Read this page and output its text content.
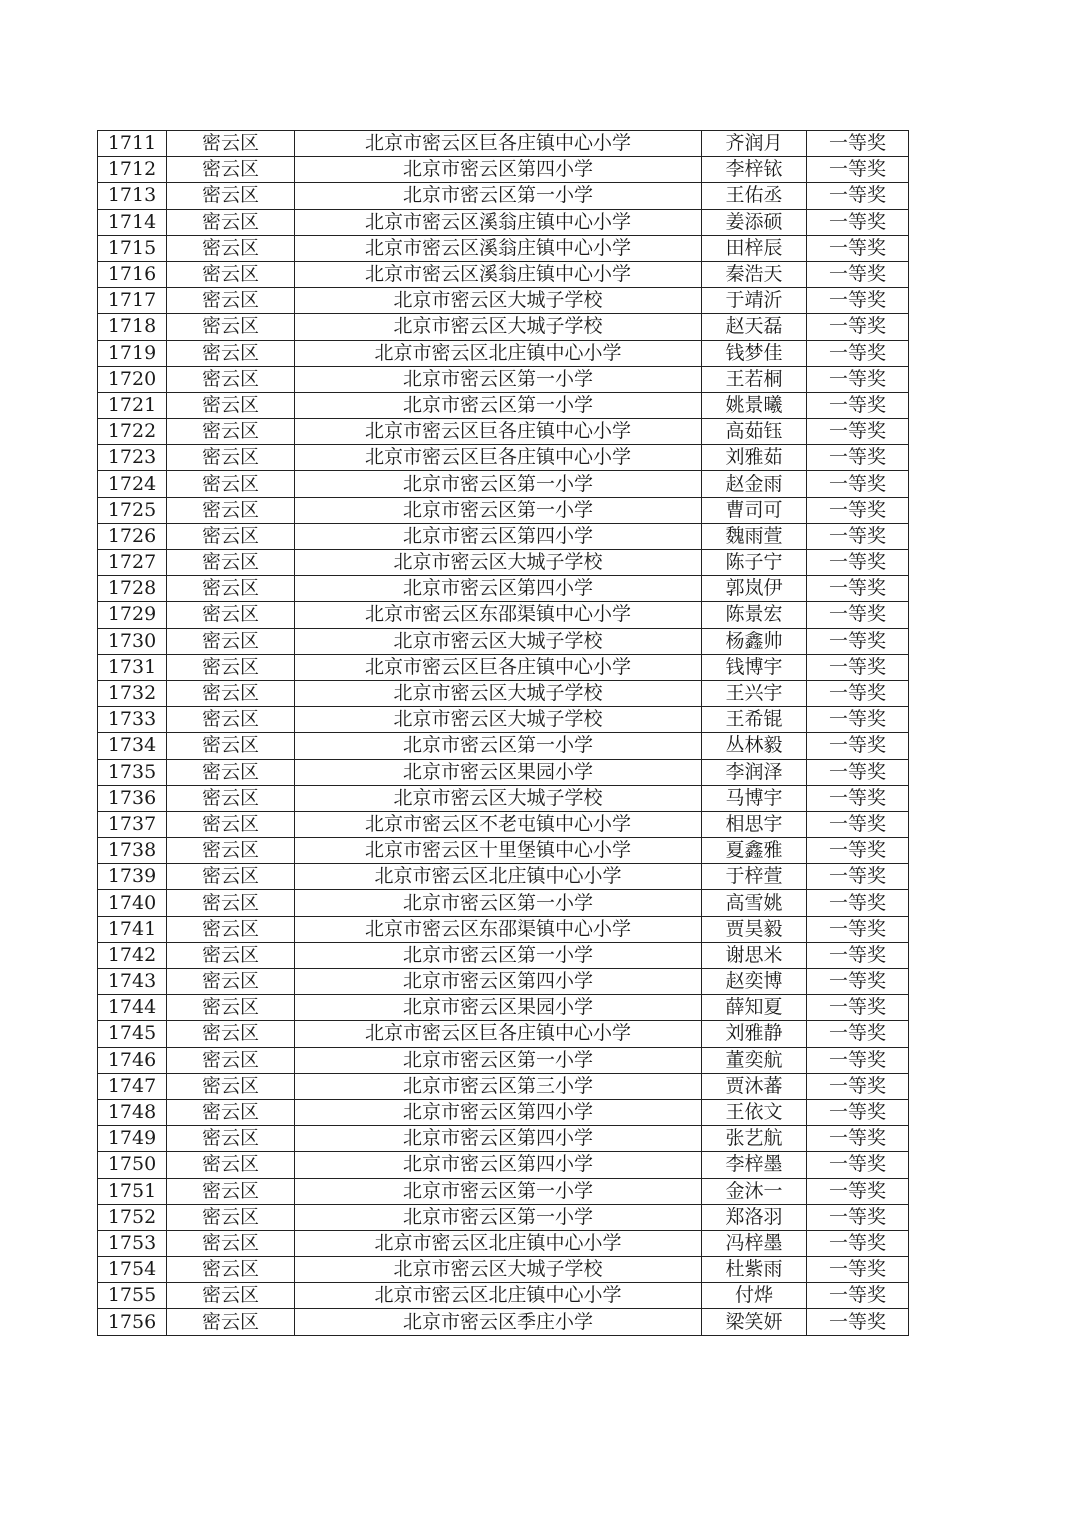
1711	密云区	北京市密云区巨各庄镇中心小学	齐润月	一等奖
1712	密云区	北京市密云区第四小学	李梓铱	一等奖
1713	密云区	北京市密云区第一小学	王佑丞	一等奖
1714	密云区	北京市密云区溪翁庄镇中心小学	姜添硕	一等奖
1715	密云区	北京市密云区溪翁庄镇中心小学	田梓辰	一等奖
1716	密云区	北京市密云区溪翁庄镇中心小学	秦浩天	一等奖
1717	密云区	北京市密云区大城子学校	于靖沂	一等奖
1718	密云区	北京市密云区大城子学校	赵天磊	一等奖
1719	密云区	北京市密云区北庄镇中心小学	钱梦佳	一等奖
1720	密云区	北京市密云区第一小学	王若桐	一等奖
1721	密云区	北京市密云区第一小学	姚景曦	一等奖
1722	密云区	北京市密云区巨各庄镇中心小学	高茹钰	一等奖
1723	密云区	北京市密云区巨各庄镇中心小学	刘雅茹	一等奖
1724	密云区	北京市密云区第一小学	赵金雨	一等奖
1725	密云区	北京市密云区第一小学	曹司可	一等奖
1726	密云区	北京市密云区第四小学	魏雨萱	一等奖
1727	密云区	北京市密云区大城子学校	陈子宁	一等奖
1728	密云区	北京市密云区第四小学	郭岚伊	一等奖
1729	密云区	北京市密云区东邵渠镇中心小学	陈景宏	一等奖
1730	密云区	北京市密云区大城子学校	杨鑫帅	一等奖
1731	密云区	北京市密云区巨各庄镇中心小学	钱博宇	一等奖
1732	密云区	北京市密云区大城子学校	王兴宇	一等奖
1733	密云区	北京市密云区大城子学校	王希锟	一等奖
1734	密云区	北京市密云区第一小学	丛林毅	一等奖
1735	密云区	北京市密云区果园小学	李润泽	一等奖
1736	密云区	北京市密云区大城子学校	马博宇	一等奖
1737	密云区	北京市密云区不老屯镇中心小学	相思宇	一等奖
1738	密云区	北京市密云区十里堡镇中心小学	夏鑫雅	一等奖
1739	密云区	北京市密云区北庄镇中心小学	于梓萱	一等奖
1740	密云区	北京市密云区第一小学	高雪姚	一等奖
1741	密云区	北京市密云区东邵渠镇中心小学	贾昊毅	一等奖
1742	密云区	北京市密云区第一小学	谢思米	一等奖
1743	密云区	北京市密云区第四小学	赵奕博	一等奖
1744	密云区	北京市密云区果园小学	薛知夏	一等奖
1745	密云区	北京市密云区巨各庄镇中心小学	刘雅静	一等奖
1746	密云区	北京市密云区第一小学	董奕航	一等奖
1747	密云区	北京市密云区第三小学	贾沐蕃	一等奖
1748	密云区	北京市密云区第四小学	王依文	一等奖
1749	密云区	北京市密云区第四小学	张艺航	一等奖
1750	密云区	北京市密云区第四小学	李梓墨	一等奖
1751	密云区	北京市密云区第一小学	金沐一	一等奖
1752	密云区	北京市密云区第一小学	郑洛羽	一等奖
1753	密云区	北京市密云区北庄镇中心小学	冯梓墨	一等奖
1754	密云区	北京市密云区大城子学校	杜紫雨	一等奖
1755	密云区	北京市密云区北庄镇中心小学	付烨	一等奖
1756	密云区	北京市密云区季庄小学	梁笑妍	一等奖
